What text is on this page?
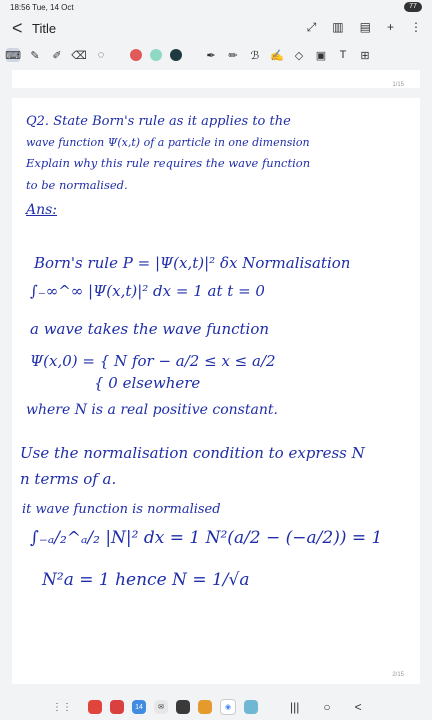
18:56 Tue, 14 Oct	77
< Title	⤢ ▥ ▤ + ⋮
⌨ ✎ ✐ ⌫ ◌	✒ ✏ ℬ ✍ ◇ ▣	T	⊞
1/15
Q2. State Born's rule as it applies to the
wave function Ψ(x,t) of a particle in one dimension
Explain why this rule requires the wave function
to be normalised.
Ans:
Born's rule P = |Ψ(x,t)|² δx Normalisation
∫₋∞^∞ |Ψ(x,t)|² dx = 1 at t = 0
a wave takes the wave function
Ψ(x,0) = { N for − a/2 ≤ x ≤ a/2
{ 0 elsewhere
where N is a real positive constant.
Use the normalisation condition to express N
n terms of a.
it wave function is normalised
∫₋ₐ/₂^ₐ/₂ |N|² dx = 1 N²(a/2 − (−a/2)) = 1
N²a = 1 hence N = 1/√a
2/15
⋮⋮	14	✉	◉	||| ○ <
